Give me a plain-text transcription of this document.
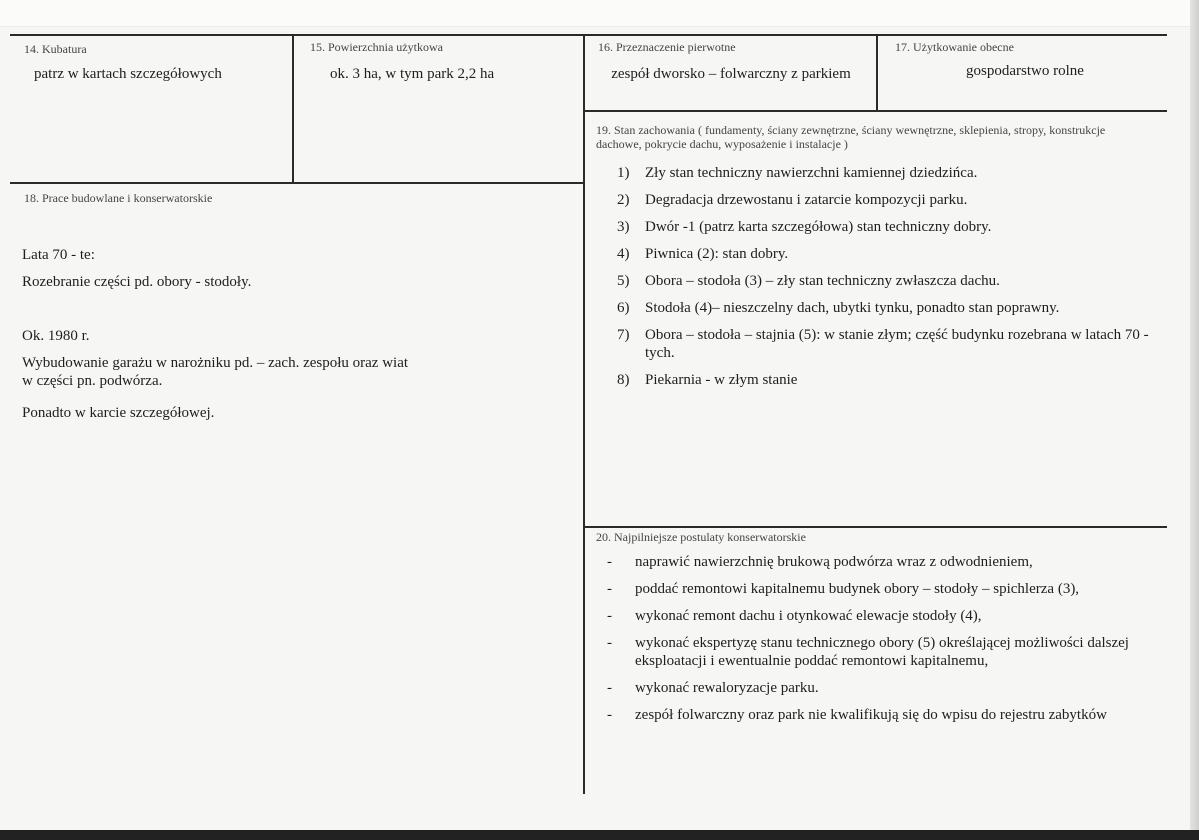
14. Kubatura
patrz w kartach szczegółowych
15. Powierzchnia użytkowa
ok. 3 ha, w tym park 2,2 ha
16. Przeznaczenie pierwotne
zespół dworsko – folwarczny z parkiem
17. Użytkowanie obecne
gospodarstwo rolne
18. Prace budowlane i konserwatorskie
Lata 70 - te:
Rozebranie części pd. obory - stodoły.
Ok. 1980 r.
Wybudowanie garażu w narożniku pd. – zach. zespołu oraz wiat w części pn. podwórza.
Ponadto w karcie szczegółowej.
19. Stan zachowania ( fundamenty, ściany zewnętrzne, ściany wewnętrzne, sklepienia, stropy, konstrukcje dachowe, pokrycie dachu, wyposażenie i instalacje )
1)	Zły stan techniczny nawierzchni kamiennej dziedzińca.
2)	Degradacja drzewostanu i zatarcie kompozycji parku.
3)	Dwór -1 (patrz karta szczegółowa) stan techniczny dobry.
4)	Piwnica (2): stan dobry.
5)	Obora – stodoła (3) – zły stan techniczny zwłaszcza dachu.
6)	Stodoła (4)– nieszczelny dach, ubytki tynku, ponadto stan poprawny.
7)	Obora – stodoła – stajnia (5): w stanie złym; część budynku rozebrana w latach 70 - tych.
8)	Piekarnia - w złym stanie
20. Najpilniejsze postulaty konserwatorskie
-	naprawić nawierzchnię brukową podwórza wraz z odwodnieniem,
-	poddać remontowi kapitalnemu budynek obory – stodoły – spichlerza (3),
-	wykonać remont dachu i otynkować elewacje stodoły (4),
-	wykonać ekspertyzę stanu technicznego obory (5) określającej możliwości dalszej eksploatacji i ewentualnie poddać remontowi kapitalnemu,
-	wykonać rewaloryzacje parku.
-	zespół folwarczny oraz park nie kwalifikują się do wpisu do rejestru zabytków
